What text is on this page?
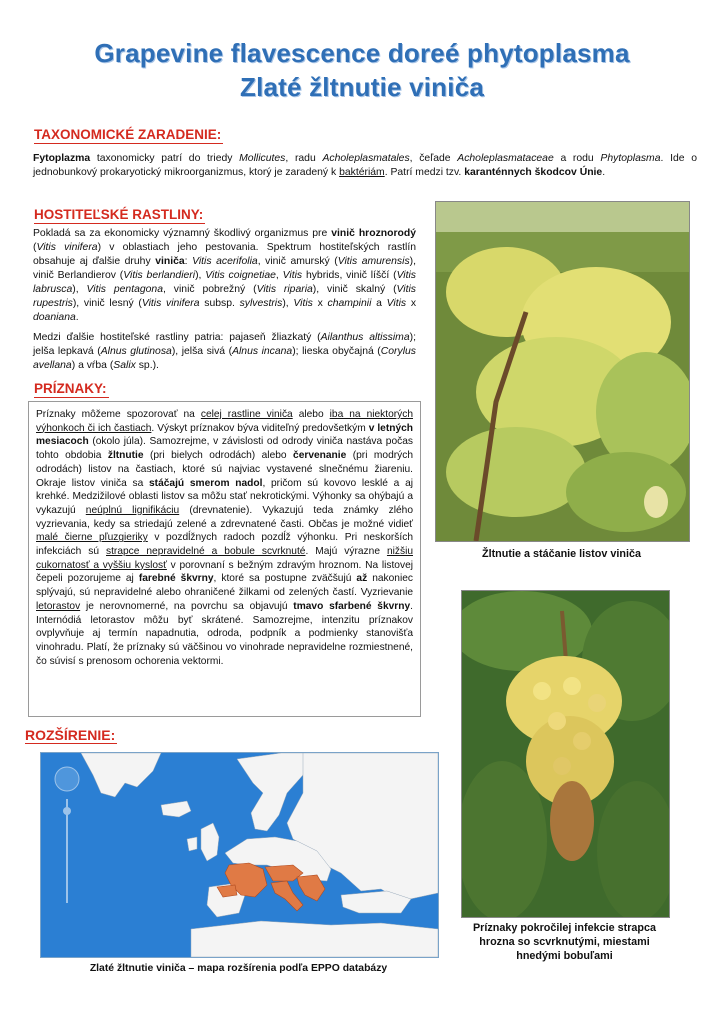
Grapevine flavescence doreé phytoplasma
Zlaté žltnutie viniča
TAXONOMICKÉ ZARADENIE:
Fytoplazma taxonomicky patrí do triedy Mollicutes, radu Acholeplasmatales, čeľade Acholeplasmataceae a rodu Phytoplasma. Ide o jednobunkový prokaryotický mikroorganizmus, ktorý je zaradený k baktériám. Patrí medzi tzv. karanténnych škodcov Únie.
HOSTITEĽSKÉ RASTLINY:

Pokladá sa za ekonomicky významný škodlivý organizmus pre vinič hroznorodý (Vitis vinifera) v oblastiach jeho pestovania. Spektrum hostiteľských rastlín obsahuje aj ďalšie druhy viniča: Vitis acerifolia, vinič amurský (Vitis amurensis), vinič Berlandierov (Vitis berlandieri), Vitis coignetiae, Vitis hybrids, vinič líščí (Vitis labrusca), Vitis pentagona, vinič pobrežný (Vitis riparia), vinič skalný (Vitis rupestris), vinič lesný (Vitis vinifera subsp. sylvestris), Vitis x champinii a Vitis x doaniana.

Medzi ďalšie hostiteľské rastliny patria: pajaseň žliazkatý (Ailanthus altissima); jelša lepkavá (Alnus glutinosa), jelša sivá (Alnus incana); lieska obyčajná (Corylus avellana) a vŕba (Salix sp.).

PRÍZNAKY:
Príznaky môžeme spozorovať na celej rastline viniča alebo iba na niektorých výhonkoch či ich častiach. Výskyt príznakov býva viditeľný predovšetkým v letných mesiacoch (okolo júla). Samozrejme, v závislosti od odrody viniča nastáva počas tohto obdobia žltnutie (pri bielych odrodách) alebo červenanie (pri modrých odrodách) listov na častiach, ktoré sú najviac vystavené slnečnému žiareniu. Okraje listov viniča sa stáčajú smerom nadol, pričom sú kovovo lesklé a aj krehké. Medzižilové oblasti listov sa môžu stať nekrotickými. Výhonky sa ohýbajú a vykazujú neúplnú lignifikáciu (drevnatenie). Vykazujú teda známky zlého vyzrievania, kedy sa striedajú zelené a zdrevnatené časti. Občas je možné vidieť malé čierne pľuzgieriky v pozdĺžnych radoch pozdĺž výhonku. Pri neskorších infekciách sú strapce nepravidelné a bobule scvrknuté. Majú výrazne nižšiu cukornatosť a vyššiu kyslosť v porovnaní s bežným zdravým hroznom. Na listovej čepeli pozorujeme aj farebné škvrny, ktoré sa postupne zväčšujú až nakoniec splývajú, sú nepravidelné alebo ohraničené žilkami od zelených častí. Vyzrievanie letorastov je nerovnomerné, na povrchu sa objavujú tmavo sfarbené škvrny. Internódiá letorastov môžu byť skrátené. Samozrejme, intenzitu príznakov ovplyvňuje aj termín napadnutia, odroda, podpník a podmienky stanovišťa vinohradu. Platí, že príznaky sú väčšinou vo vinohrade nepravidelne rozmiestnené, čo súvisí s prenosom ochorenia vektormi.
ROZŠÍRENIE:
Zlaté žltnutie viniča – mapa rozšírenia podľa EPPO databázy
Žltnutie a stáčanie listov viniča
Príznaky pokročilej infekcie strapca
hrozna so scvrknutými, miestami
hnedými bobuľami
